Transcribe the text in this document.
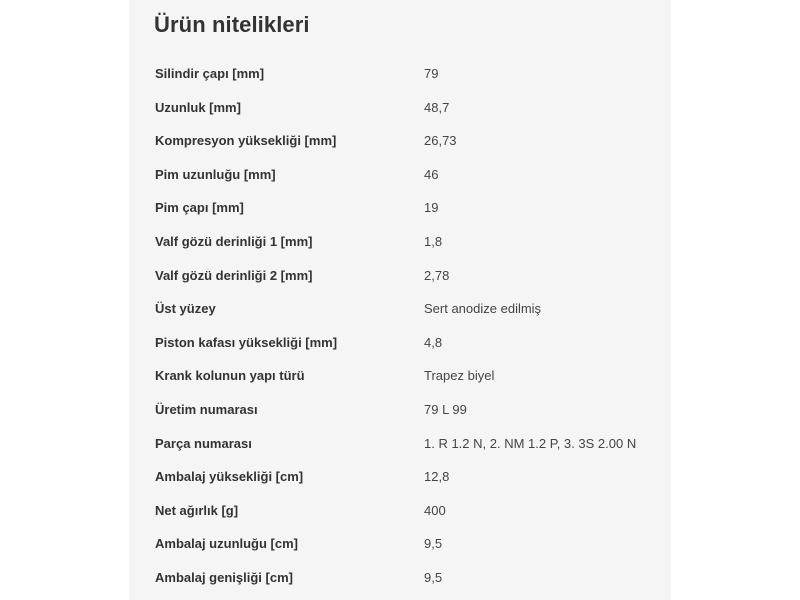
Ürün nitelikleri
Silindir çapı [mm]	79
Uzunluk [mm]	48,7
Kompresyon yüksekliği [mm]	26,73
Pim uzunluğu [mm]	46
Pim çapı [mm]	19
Valf gözü derinliği 1 [mm]	1,8
Valf gözü derinliği 2 [mm]	2,78
Üst yüzey	Sert anodize edilmiş
Piston kafası yüksekliği [mm]	4,8
Krank kolunun yapı türü	Trapez biyel
Üretim numarası	79 L 99
Parça numarası	1. R 1.2 N, 2. NM 1.2 P, 3. 3S 2.00 N
Ambalaj yüksekliği [cm]	12,8
Net ağırlık [g]	400
Ambalaj uzunluğu [cm]	9,5
Ambalaj genişliği [cm]	9,5
